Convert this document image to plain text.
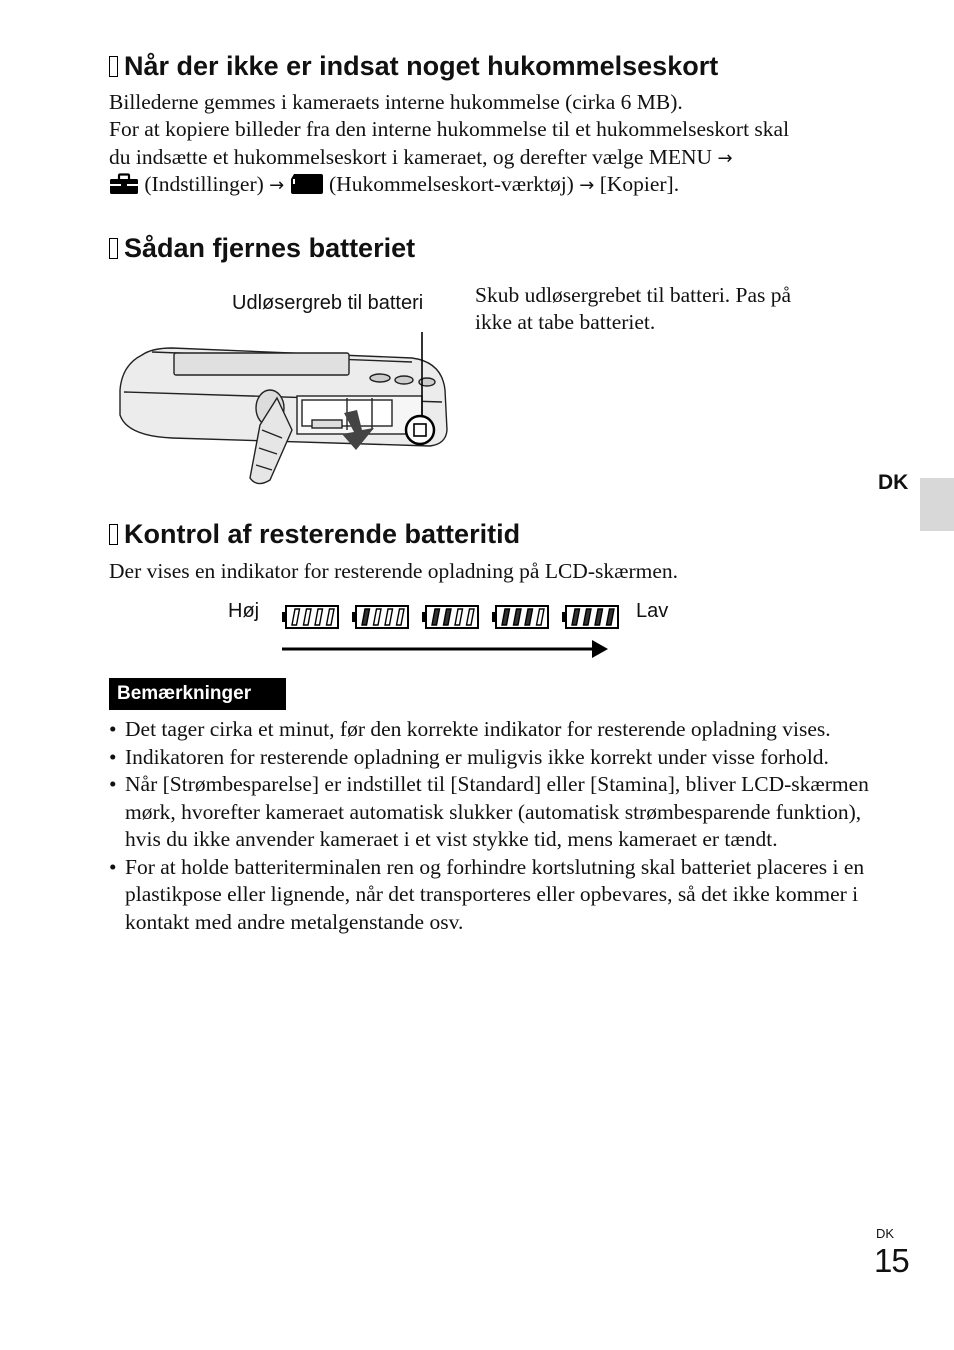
Når der ikke er indsat noget hukommelseskort
Billederne gemmes i kameraets interne hukommelse (cirka 6 MB).
For at kopiere billeder fra den interne hukommelse til et hukommelseskort skal
du indsætte et hukommelseskort i kameraet, og derefter vælge MENU →
(Indstillinger) → (Hukommelseskort-værktøj) → [Kopier].
Sådan fjernes batteriet
Udløsergreb til batteri Skub udløsergrebet til batteri. Pas på
ikke at tabe batteriet.
DK
Kontrol af resterende batteritid
Der vises en indikator for resterende opladning på LCD-skærmen.
Høj	Lav
Bemærkninger
• Det tager cirka et minut, før den korrekte indikator for resterende opladning vises.
• Indikatoren for resterende opladning er muligvis ikke korrekt under visse forhold.
• Når [Strømbesparelse] er indstillet til [Standard] eller [Stamina], bliver LCD-skærmen mørk, hvorefter kameraet automatisk slukker (automatisk strømbesparende funktion), hvis du ikke anvender kameraet i et vist stykke tid, mens kameraet er tændt.
• For at holde batteriterminalen ren og forhindre kortslutning skal batteriet placeres i en plastikpose eller lignende, når det transporteres eller opbevares, så det ikke kommer i kontakt med andre metalgenstande osv.
DK
15
